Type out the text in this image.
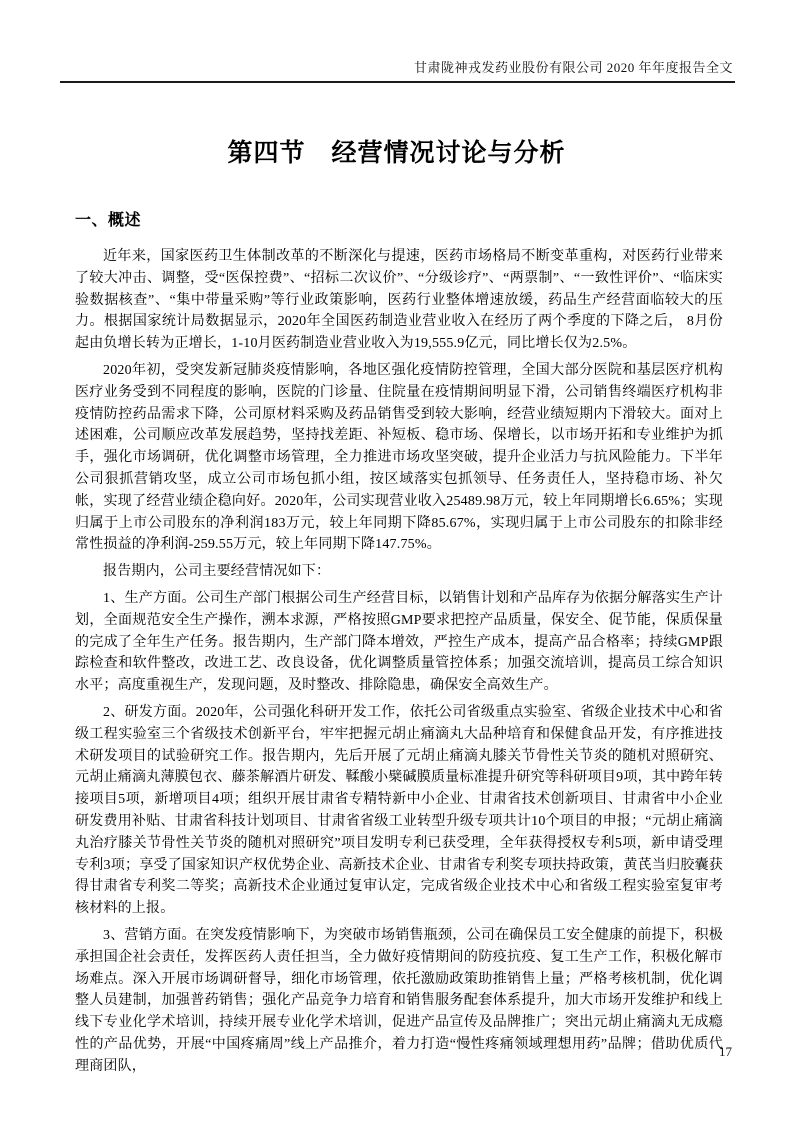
甘肃陇神戎发药业股份有限公司 2020 年年度报告全文
第四节　经营情况讨论与分析
一、概述

近年来，国家医药卫生体制改革的不断深化与提速，医药市场格局不断变革重构，对医药行业带来了较大冲击、调整，受“医保控费”、“招标二次议价”、“分级诊疗”、“两票制”、“一致性评价”、“临床实验数据核查”、“集中带量采购”等行业政策影响，医药行业整体增速放缓，药品生产经营面临较大的压力。根据国家统计局数据显示，2020年全国医药制造业营业收入在经历了两个季度的下降之后， 8月份起由负增长转为正增长，1-10月医药制造业营业收入为19,555.9亿元，同比增长仅为2.5%。

2020年初，受突发新冠肺炎疫情影响，各地区强化疫情防控管理，全国大部分医院和基层医疗机构医疗业务受到不同程度的影响，医院的门诊量、住院量在疫情期间明显下滑，公司销售终端医疗机构非疫情防控药品需求下降，公司原材料采购及药品销售受到较大影响，经营业绩短期内下滑较大。面对上述困难，公司顺应改革发展趋势，坚持找差距、补短板、稳市场、保增长，以市场开拓和专业维护为抓手，强化市场调研，优化调整市场管理，全力推进市场攻坚突破，提升企业活力与抗风险能力。下半年公司狠抓营销攻坚，成立公司市场包抓小组，按区域落实包抓领导、任务责任人，坚持稳市场、补欠帐，实现了经营业绩企稳向好。2020年，公司实现营业收入25489.98万元，较上年同期增长6.65%；实现归属于上市公司股东的净利润183万元，较上年同期下降85.67%，实现归属于上市公司股东的扣除非经常性损益的净利润-259.55万元，较上年同期下降147.75%。

报告期内，公司主要经营情况如下：

1、生产方面。公司生产部门根据公司生产经营目标，以销售计划和产品库存为依据分解落实生产计划，全面规范安全生产操作，溯本求源，严格按照GMP要求把控产品质量，保安全、促节能，保质保量的完成了全年生产任务。报告期内，生产部门降本增效，严控生产成本，提高产品合格率；持续GMP跟踪检查和软件整改，改进工艺、改良设备，优化调整质量管控体系；加强交流培训，提高员工综合知识水平；高度重视生产，发现问题，及时整改、排除隐患，确保安全高效生产。

2、研发方面。2020年，公司强化科研开发工作，依托公司省级重点实验室、省级企业技术中心和省级工程实验室三个省级技术创新平台，牢牢把握元胡止痛滴丸大品种培育和保健食品开发，有序推进技术研发项目的试验研究工作。报告期内，先后开展了元胡止痛滴丸膝关节骨性关节炎的随机对照研究、元胡止痛滴丸薄膜包衣、藤茶解酒片研发、鞣酸小檗碱膜质量标准提升研究等科研项目9项，其中跨年转接项目5项，新增项目4项；组织开展甘肃省专精特新中小企业、甘肃省技术创新项目、甘肃省中小企业研发费用补贴、甘肃省科技计划项目、甘肃省省级工业转型升级专项共计10个项目的申报；“元胡止痛滴丸治疗膝关节骨性关节炎的随机对照研究”项目发明专利已获受理，全年获得授权专利5项，新申请受理专利3项；享受了国家知识产权优势企业、高新技术企业、甘肃省专利奖专项扶持政策，黄芪当归胶囊获得甘肃省专利奖二等奖；高新技术企业通过复审认定，完成省级企业技术中心和省级工程实验室复审考核材料的上报。

3、营销方面。在突发疫情影响下，为突破市场销售瓶颈，公司在确保员工安全健康的前提下，积极承担国企社会责任，发挥医药人责任担当，全力做好疫情期间的防疫抗疫、复工生产工作，积极化解市场难点。深入开展市场调研督导，细化市场管理，依托激励政策助推销售上量；严格考核机制，优化调整人员建制，加强普药销售；强化产品竞争力培育和销售服务配套体系提升，加大市场开发维护和线上线下专业化学术培训，持续开展专业化学术培训，促进产品宣传及品牌推广；突出元胡止痛滴丸无成瘾性的产品优势，开展“中国疼痛周”线上产品推介，着力打造“慢性疼痛领域理想用药”品牌；借助优质代理商团队，

17
